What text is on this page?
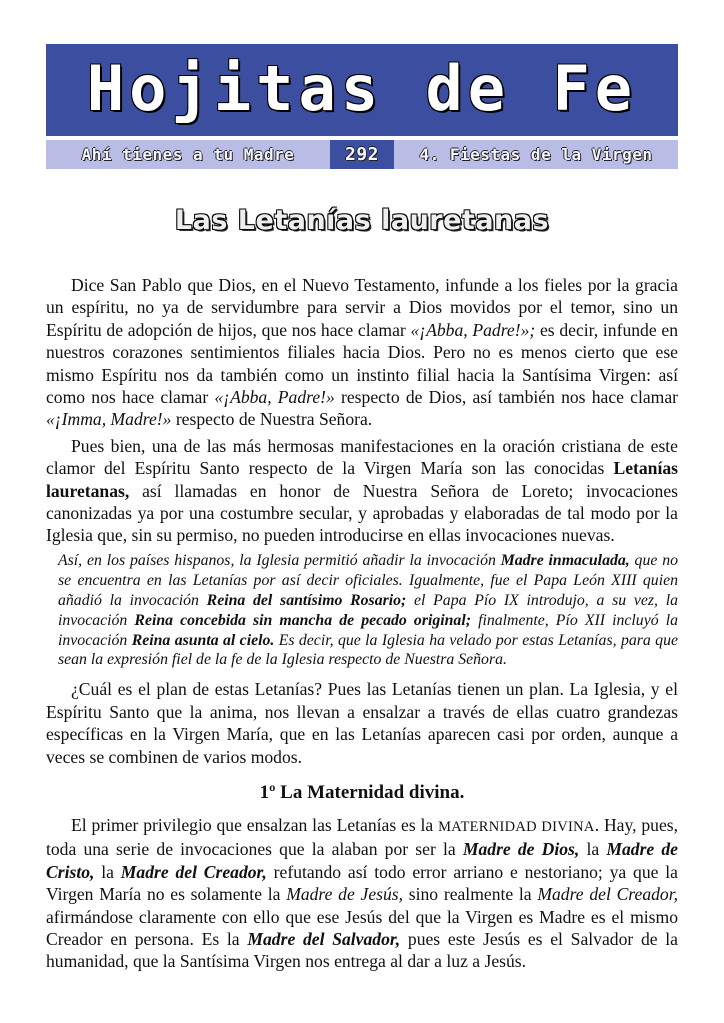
Hojitas de Fe
Ahí tienes a tu Madre	292	4. Fiestas de la Virgen
Las Letanías lauretanas

Dice San Pablo que Dios, en el Nuevo Testamento, infunde a los fieles por la gracia un espíritu, no ya de servidumbre para servir a Dios movidos por el temor, sino un Espíritu de adopción de hijos, que nos hace clamar «¡Abba, Padre!»; es decir, infunde en nuestros corazones sentimientos filiales hacia Dios. Pero no es menos cierto que ese mismo Espíritu nos da también como un instinto filial hacia la Santísima Virgen: así como nos hace clamar «¡Abba, Padre!» respecto de Dios, así también nos hace clamar «¡Imma, Madre!» respecto de Nuestra Señora.

Pues bien, una de las más hermosas manifestaciones en la oración cristiana de este clamor del Espíritu Santo respecto de la Virgen María son las conocidas Letanías lauretanas, así llamadas en honor de Nuestra Señora de Loreto; invocaciones canonizadas ya por una costumbre secular, y aprobadas y elaboradas de tal modo por la Iglesia que, sin su permiso, no pueden introducirse en ellas invocaciones nuevas.

Así, en los países hispanos, la Iglesia permitió añadir la invocación Madre inmaculada, que no se encuentra en las Letanías por así decir oficiales. Igualmente, fue el Papa León XIII quien añadió la invocación Reina del santísimo Rosario; el Papa Pío IX introdujo, a su vez, la invocación Reina concebida sin mancha de pecado original; finalmente, Pío XII incluyó la invocación Reina asunta al cielo. Es decir, que la Iglesia ha velado por estas Letanías, para que sean la expresión fiel de la fe de la Iglesia respecto de Nuestra Señora.

¿Cuál es el plan de estas Letanías? Pues las Letanías tienen un plan. La Iglesia, y el Espíritu Santo que la anima, nos llevan a ensalzar a través de ellas cuatro grandezas específicas en la Virgen María, que en las Letanías aparecen casi por orden, aunque a veces se combinen de varios modos.

1º La Maternidad divina.

El primer privilegio que ensalzan las Letanías es la MATERNIDAD DIVINA. Hay, pues, toda una serie de invocaciones que la alaban por ser la Madre de Dios, la Madre de Cristo, la Madre del Creador, refutando así todo error arriano e nestoriano; ya que la Virgen María no es solamente la Madre de Jesús, sino realmente la Madre del Creador, afirmándose claramente con ello que ese Jesús del que la Virgen es Madre es el mismo Creador en persona. Es la Madre del Salvador, pues este Jesús es el Salvador de la humanidad, que la Santísima Virgen nos entrega al dar a luz a Jesús.
